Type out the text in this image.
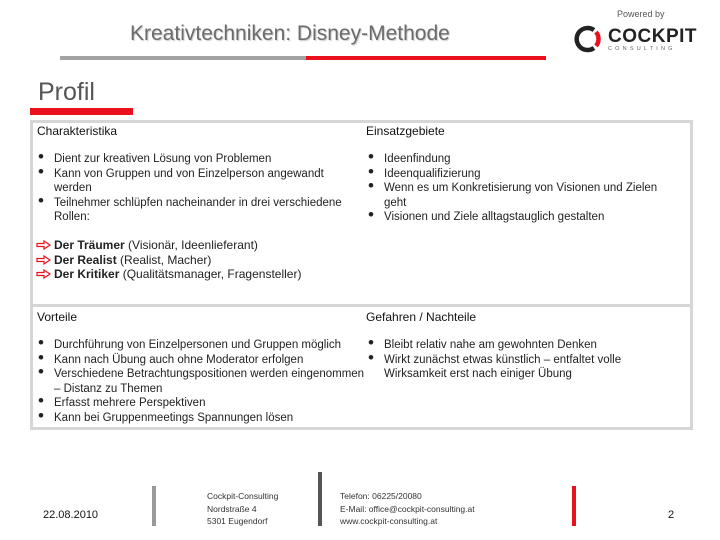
Powered by
COCKPIT
CONSULTING
Kreativtechniken: Disney-Methode
Profil
Charakteristika
• Dient zur kreativen Lösung von Problemen
• Kann von Gruppen und von Einzelperson angewandt werden
• Teilnehmer schlüpfen nacheinander in drei verschiedene Rollen:
Einsatzgebiete
• Ideenfindung
• Ideenqualifizierung
• Wenn es um Konkretisierung von Visionen und Zielen geht
• Visionen und Ziele alltagstauglich gestalten
Der Träumer (Visionär, Ideenlieferant)
Der Realist (Realist, Macher)
Der Kritiker (Qualitätsmanager, Fragensteller)
Vorteile
• Durchführung von Einzelpersonen und Gruppen möglich
• Kann nach Übung auch ohne Moderator erfolgen
• Verschiedene Betrachtungspositionen werden eingenommen – Distanz zu Themen
• Erfasst mehrere Perspektiven
• Kann bei Gruppenmeetings Spannungen lösen
Gefahren / Nachteile
• Bleibt relativ nahe am gewohnten Denken
• Wirkt zunächst etwas künstlich – entfaltet volle Wirksamkeit erst nach einiger Übung
22.08.2010
Cockpit-Consulting
Nordstraße 4
5301 Eugendorf
Telefon: 06225/20080
E-Mail: office@cockpit-consulting.at
www.cockpit-consulting.at	2
